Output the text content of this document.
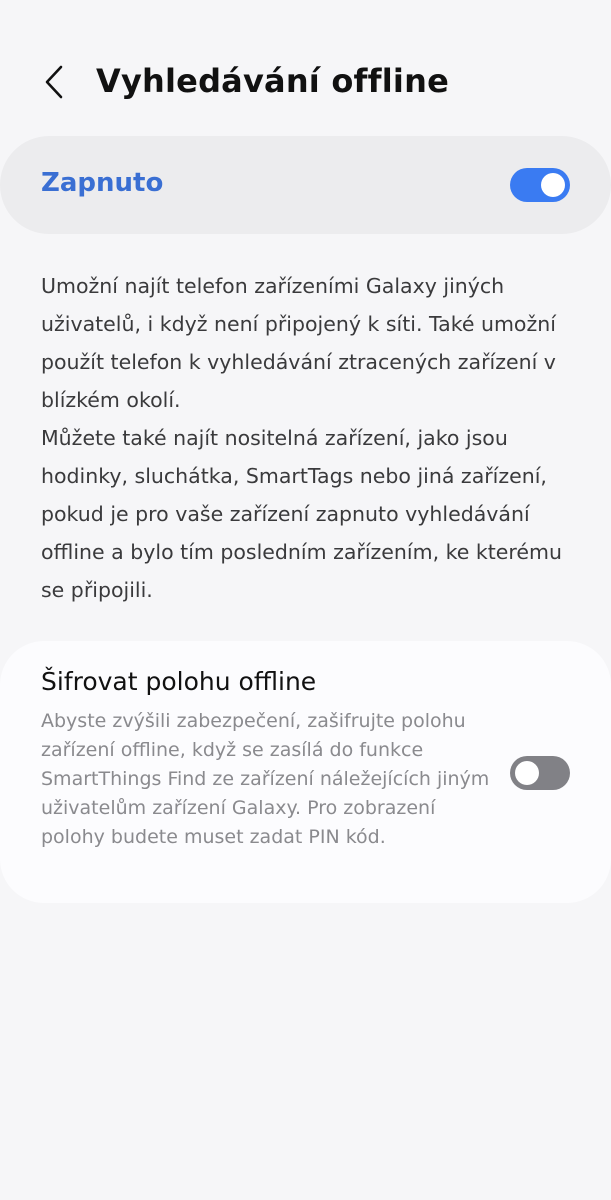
Vyhledávání offline
Zapnuto

Umožní najít telefon zařízeními Galaxy jiných uživatelů, i když není připojený k síti. Také umožní použít telefon k vyhledávání ztracených zařízení v blízkém okolí.

Můžete také najít nositelná zařízení, jako jsou hodinky, sluchátka, SmartTags nebo jiná zařízení, pokud je pro vaše zařízení zapnuto vyhledávání offline a bylo tím posledním zařízením, ke kterému se připojili.

Šifrovat polohu offline
Abyste zvýšili zabezpečení, zašifrujte polohu zařízení offline, když se zasílá do funkce SmartThings Find ze zařízení náležejících jiným uživatelům zařízení Galaxy. Pro zobrazení polohy budete muset zadat PIN kód.
